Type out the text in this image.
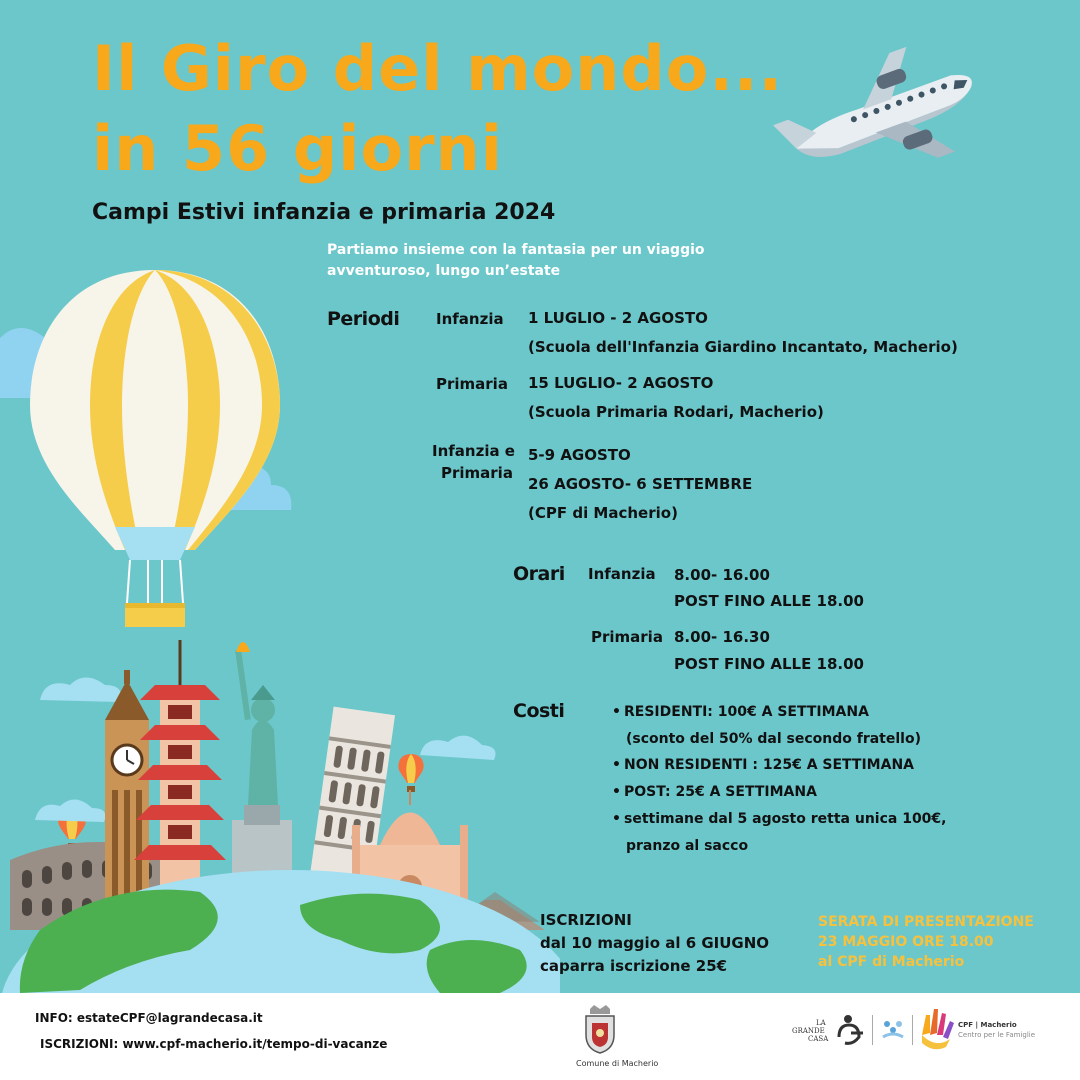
Il Giro del mondo...
in 56 giorni
Campi Estivi infanzia e primaria 2024
Partiamo insieme con la fantasia per un viaggio
avventuroso, lungo un’estate
Periodi Infanzia 1 LUGLIO - 2 AGOSTO
(Scuola dell'Infanzia Giardino Incantato, Macherio)
Primaria 15 LUGLIO- 2 AGOSTO
(Scuola Primaria Rodari, Macherio)
Infanzia e
Primaria
5-9 AGOSTO
26 AGOSTO- 6 SETTEMBRE
(CPF di Macherio)
Orari Infanzia 8.00- 16.00
POST FINO ALLE 18.00
Primaria 8.00- 16.30
POST FINO ALLE 18.00
Costi	• RESIDENTI: 100€ A SETTIMANA
(sconto del 50% dal secondo fratello)
• NON RESIDENTI : 125€ A SETTIMANA
• POST: 25€ A SETTIMANA
• settimane dal 5 agosto retta unica 100€,
pranzo al sacco
ISCRIZIONI
dal 10 maggio al 6 GIUGNO
caparra iscrizione 25€
SERATA DI PRESENTAZIONE
23 MAGGIO ORE 18.00
al CPF di Macherio
INFO: estateCPF@lagrandecasa.it
ISCRIZIONI: www.cpf-macherio.it/tempo-di-vacanze
Comune di Macherio
LA
GRANDE
CASA
CPF | Macherio
Centro per le Famiglie
